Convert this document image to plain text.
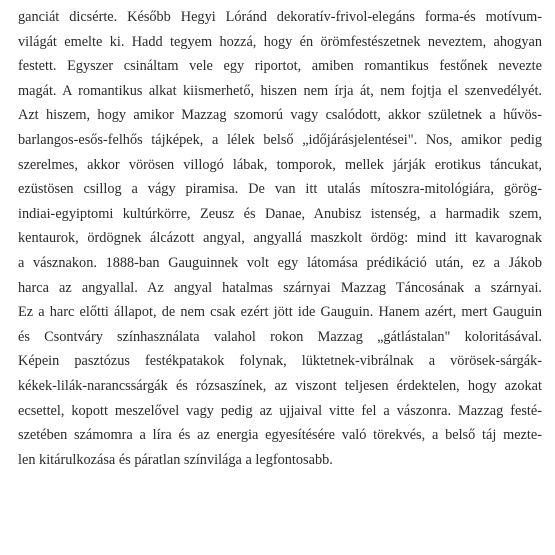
ganciát dicsérte. Később Hegyi Lóránd dekoratív-frivol-elegáns forma-és motívum-
világát emelte ki. Hadd tegyem hozzá, hogy én örömfestészetnek neveztem, ahogyan
festett. Egyszer csináltam vele egy riportot, amiben romantikus festőnek nevezte
magát. A romantikus alkat kiismerhető, hiszen nem írja át, nem fojtja el szenvedélyét.
Azt hiszem, hogy amikor Mazzag szomorú vagy csalódott, akkor születnek a hűvös-
barlangos-esős-felhős tájképek, a lélek belső „időjárásjelentései". Nos, amikor pedig
szerelmes, akkor vörösen villogó lábak, tomporok, mellek járják erotikus táncukat,
ezüstösen csillog a vágy piramisa. De van itt utalás mítoszra-mitológiára, görög-
indiai-egyiptomi kultúrkörre, Zeusz és Danae, Anubisz istenség, a harmadik szem,
kentaurok, ördögnek álcázott angyal, angyallá maszkolt ördög: mind itt kavarognak
a vásznakon. 1888-ban Gauguinnek volt egy látomása prédikáció után, ez a Jákob
harca az angyallal. Az angyal hatalmas szárnyai Mazzag Táncosának a szárnyai.
Ez a harc előtti állapot, de nem csak ezért jött ide Gauguin. Hanem azért, mert Gauguin
és Csontváry színhasználata valahol rokon Mazzag „gátlástalan" koloritásával.
Képein pasztózus festékpatakok folynak, lüktetnek-vibrálnak a vörösek-sárgák-
kékek-lilák-narancssárgák és rózsaszínek, az viszont teljesen érdektelen, hogy azokat
ecsettel, kopott meszelővel vagy pedig az ujjaival vitte fel a vászonra. Mazzag festé-
szetében számomra a líra és az energia egyesítésére való törekvés, a belső táj mezte-
len kitárulkozása és páratlan színvilága a legfontosabb.
